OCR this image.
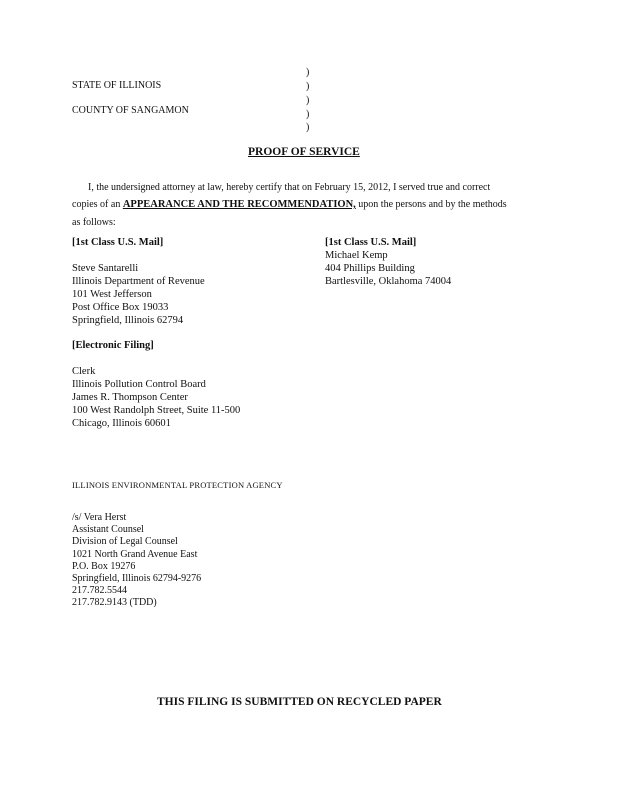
STATE OF ILLINOIS
COUNTY OF SANGAMON
)
)
)
)
)
PROOF OF SERVICE
I, the undersigned attorney at law, hereby certify that on February 15, 2012, I served true and correct
copies of an APPEARANCE AND THE RECOMMENDATION, upon the persons and by the methods
as follows:
[1st Class U.S. Mail]
Steve Santarelli
Illinois Department of Revenue
101 West Jefferson
Post Office Box 19033
Springfield, Illinois 62794
[1st Class U.S. Mail]
Michael Kemp
404 Phillips Building
Bartlesville, Oklahoma 74004
[Electronic Filing]
Clerk
Illinois Pollution Control Board
James R. Thompson Center
100 West Randolph Street, Suite 11-500
Chicago, Illinois 60601
ILLINOIS ENVIRONMENTAL PROTECTION AGENCY
/s/ Vera Herst
Assistant Counsel
Division of Legal Counsel
1021 North Grand Avenue East
P.O. Box 19276
Springfield, Illinois 62794-9276
217.782.5544
217.782.9143 (TDD)
THIS FILING IS SUBMITTED ON RECYCLED PAPER
